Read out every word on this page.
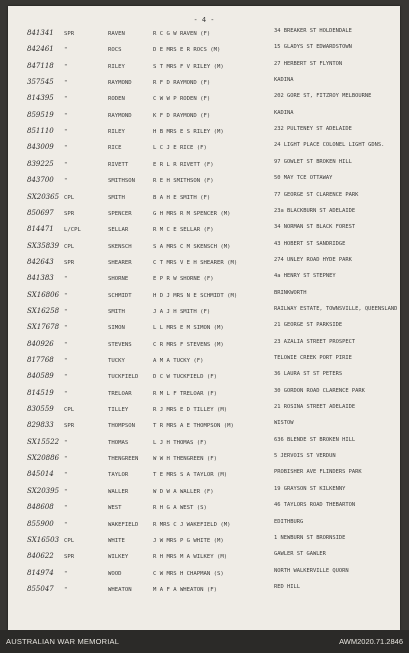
- 4 -
841341 SPR	RAVEN	R C G W RAVEN (F)	34 BREAKER ST HOLDENDALE
842461 "	ROCS	D E MRS E R ROCS (M)	15 GLADYS ST EDWARDSTOWN
847118 "	RILEY	S T MRS F V RILEY (M)	27 HERBERT ST FLYNTON
357545 "	RAYMOND	R F D RAYMOND (F)	KADINA
814395 "	RODEN	C W W P RODEN (F)	202 GORE ST, FITZROY MELBOURNE
859519 "	RAYMOND	K F D RAYMOND (F)	KADINA
851110 "	RILEY	H B MRS E S RILEY (M)	232 PULTENEY ST ADELAIDE
843009 "	RICE	L C J E RICE (F)	24 LIGHT PLACE COLONEL LIGHT GDNS.
839225 "	RIVETT	E R L R RIVETT (F)	97 GOWLET ST BROKEN HILL
843700 "	SMITHSON	R E H SMITHSON (F)	50 MAY TCE OTTAWAY
SX20365 CPL	SMITH	B A H E SMITH (F)	77 GEORGE ST CLARENCE PARK
850697 SPR	SPENCER	G H MRS R M SPENCER (M)	23a BLACKBURN ST ADELAIDE
814471 L/CPL	SELLAR	R M C E SELLAR (F)	34 NORMAN ST BLACK FOREST
SX35839 CPL	SKENSCH	S A MRS C M SKENSCH (M)	43 HOBERT ST SANDRIDGE
842643 SPR	SHEARER	C T MRS V E H SHEARER (M)	274 UNLEY ROAD HYDE PARK
841383 "	SHORNE	E P R W SHORNE (F)	4a HENRY ST STEPNEY
SX16806 "	SCHMIDT	H D J MRS N E SCHMIDT (M)	BRINKWORTH
SX16258 "	SMITH	J A J H SMITH (F)	RAILWAY ESTATE, TOWNSVILLE, QUEENSLAND
SX17678 "	SIMON	L L MRS E M SIMON (M)	21 GEORGE ST PARKSIDE
840926 "	STEVENS	C R MRS F STEVENS (M)	23 AZALIA STREET PROSPECT
817768 "	TUCKY	A M A TUCKY (F)	TELOWIE CREEK PORT PIRIE
840589 "	TUCKFIELD	D C W TUCKFIELD (F)	36 LAURA ST ST PETERS
814519 "	TRELOAR	R M L F TRELOAR (F)	30 GORDON ROAD CLARENCE PARK
830559 CPL	TILLEY	R J MRS E D TILLEY (M)	21 ROSINA STREET ADELAIDE
829833 SPR	THOMPSON	T R MRS A E THOMPSON (M)	WISTOW
SX15522 "	THOMAS	L J H THOMAS (F)	636 BLENDE ST BROKEN HILL
SX20886 "	THENGREEN	W W H THENGREEN (F)	5 JERVOIS ST VERDUN
845014 "	TAYLOR	T E MRS S A TAYLOR (M)	PROBISHER AVE FLINDERS PARK
SX20395 "	WALLER	W D W A WALLER (F)	19 GRAYSON ST KILKENNY
848608 "	WEST	R H G A WEST (S)	46 TAYLORS ROAD THEBARTON
855900 "	WAKEFIELD	R MRS C J WAKEFIELD (M)	EDITHBURG
SX16503 CPL	WHITE	J W MRS P G WHITE (M)	1 NEWBURN ST BRORNSIDE
840622 SPR	WILKEY	R H MRS M A WILKEY (M)	GAWLER ST GAWLER
814974 "	WOOD	C W MRS H CHAPMAN (S)	NORTH WALKERVILLE QUORN
855047 "	WHEATON	M A F A WHEATON (F)	RED HILL
AUSTRALIAN WAR MEMORIAL	AWM2020.71.2846
